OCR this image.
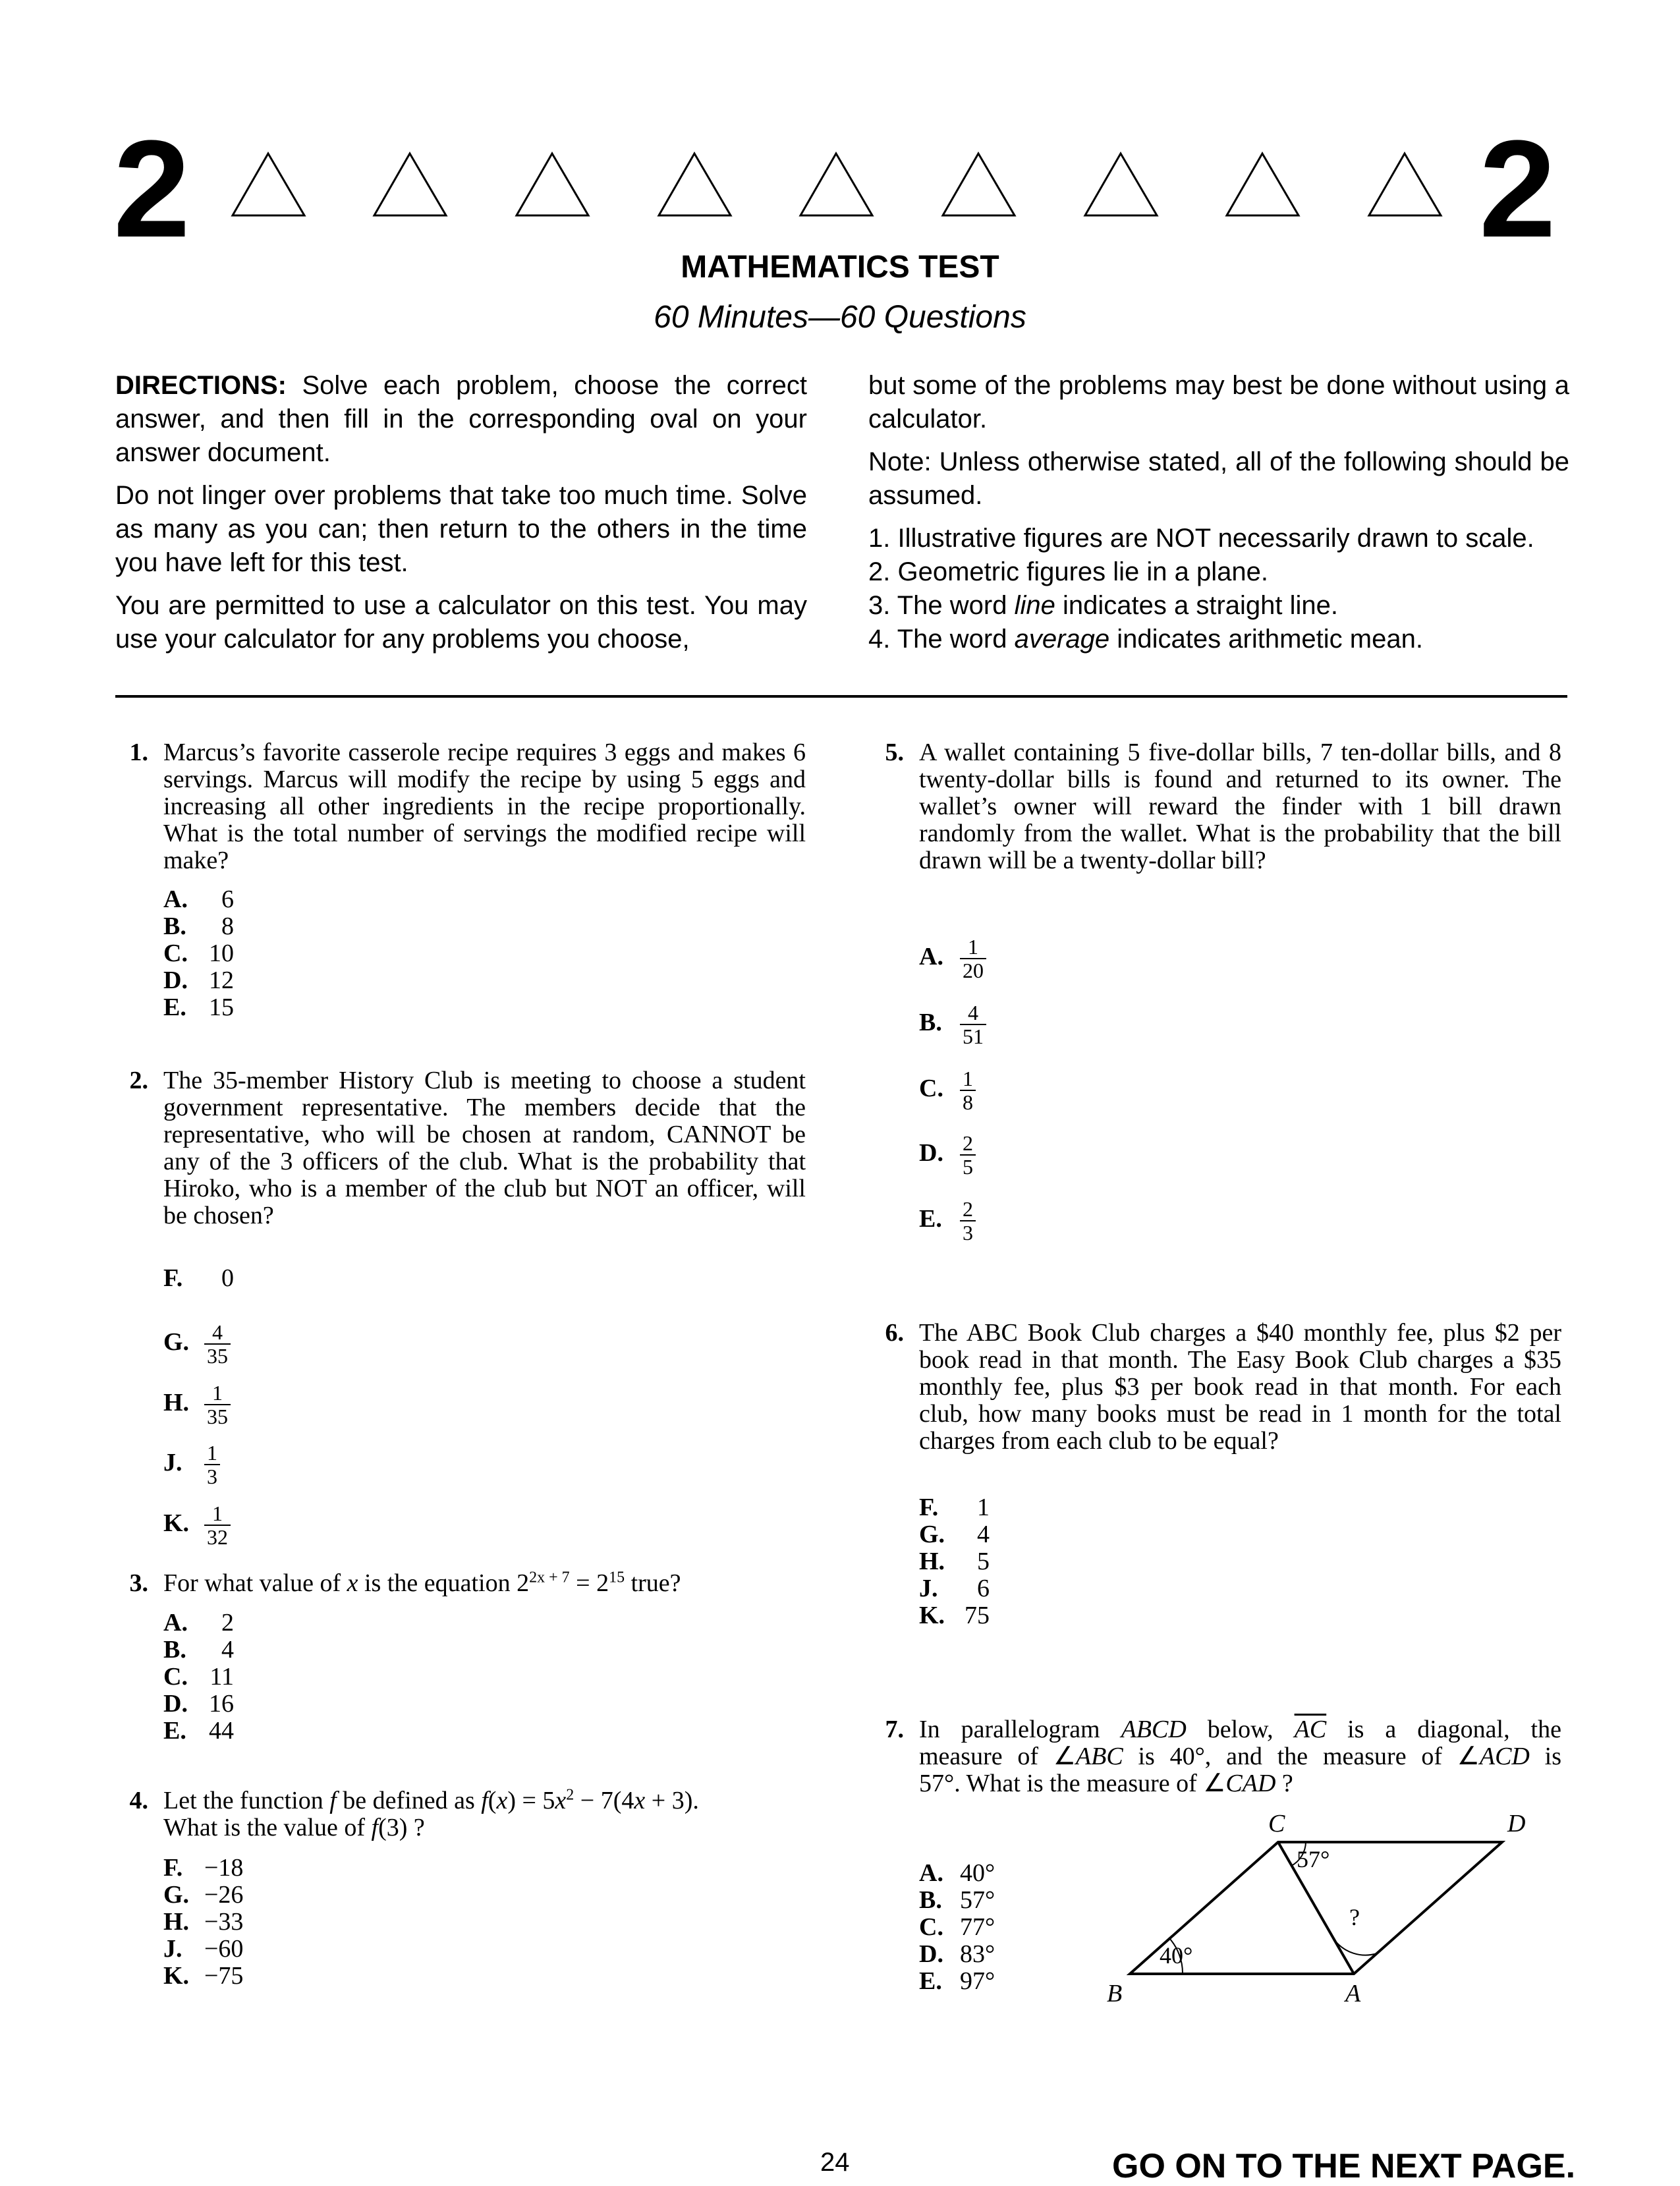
2	2
MATHEMATICS TEST
60 Minutes—60 Questions

DIRECTIONS: Solve each problem, choose the correct answer, and then fill in the corresponding oval on your answer document.

Do not linger over problems that take too much time. Solve as many as you can; then return to the others in the time you have left for this test.

You are permitted to use a calculator on this test. You may use your calculator for any problems you choose,

but some of the problems may best be done without using a calculator.

Note: Unless otherwise stated, all of the following should be assumed.

1. Illustrative figures are NOT necessarily drawn to scale.
2. Geometric figures lie in a plane.
3. The word line indicates a straight line.
4. The word average indicates arithmetic mean.
1. Marcus’s favorite casserole recipe requires 3 eggs and makes 6 servings. Marcus will modify the recipe by using 5 eggs and increasing all other ingredients in the recipe proportionally. What is the total number of servings the modified recipe will make?
A. 6
B. 8
C. 10
D. 12
E. 15
2. The 35-member History Club is meeting to choose a student government representative. The members decide that the representative, who will be chosen at random, CANNOT be any of the 3 officers of the club. What is the probability that Hiroko, who is a member of the club but NOT an officer, will be chosen?
F. 0
G. $\frac{4}{35}$
H. $\frac{1}{35}$
J. $\frac{1}{3}$
K. $\frac{1}{32}$
3. For what value of x is the equation $2^{2x + 7} = 2^{15}$ true?
A. 2
B. 4
C. 11
D. 16
E. 44
4. Let the function f be defined as $f(x) = 5x^2 - 7(4x + 3)$.
What is the value of f(3) ?
F. −18
G. −26
H. −33
J. −60
K. −75
5. A wallet containing 5 five-dollar bills, 7 ten-dollar bills, and 8 twenty-dollar bills is found and returned to its owner. The wallet’s owner will reward the finder with 1 bill drawn randomly from the wallet. What is the probability that the bill drawn will be a twenty-dollar bill?
A. $\frac{1}{20}$
B. $\frac{4}{51}$
C. $\frac{1}{8}$
D. $\frac{2}{5}$
E. $\frac{2}{3}$
6. The ABC Book Club charges a $40 monthly fee, plus $2 per book read in that month. The Easy Book Club charges a $35 monthly fee, plus $3 per book read in that month. For each club, how many books must be read in 1 month for the total charges from each club to be equal?
F. 1
G. 4
H. 5
J. 6
K. 75
7. In parallelogram ABCD below, $\overline{AC}$ is a diagonal, the
measure of ∠ABC is 40°, and the measure of ∠ACD is
57°. What is the measure of ∠CAD ?
A. 40°
B. 57°
C. 77°
D. 83°
E. 97°
C	D
B	A
57°
40°
?
24	GO ON TO THE NEXT PAGE.
